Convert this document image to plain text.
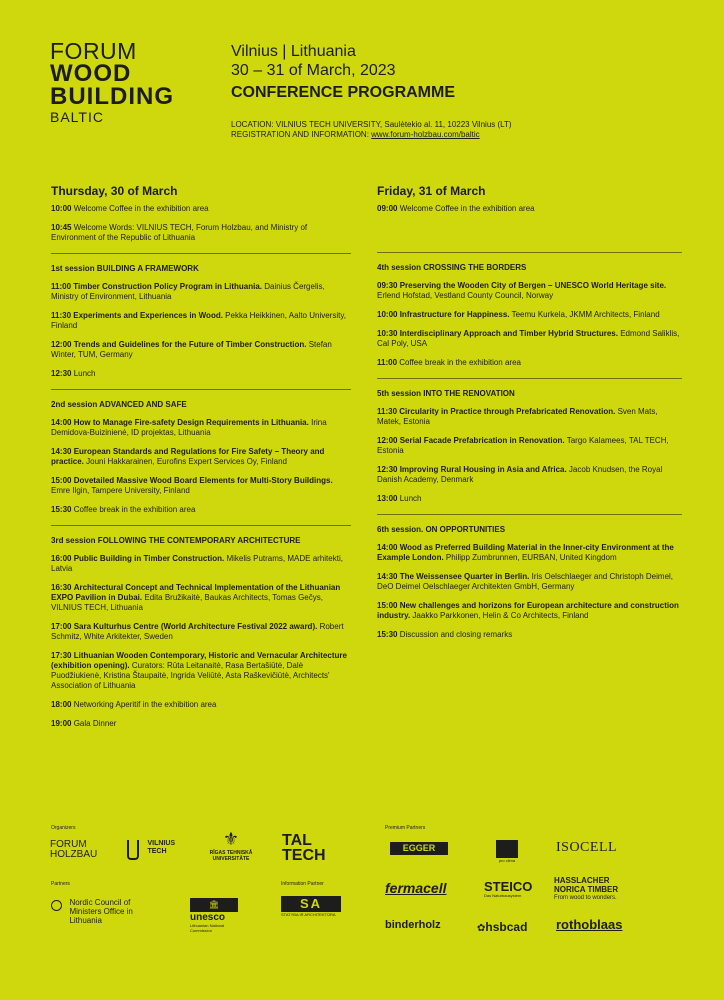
FORUM
WOOD
BUILDING
BALTIC
Vilnius | Lithuania
30 – 31 of March, 2023
CONFERENCE PROGRAMME
LOCATION: VILNIUS TECH UNIVERSITY, Saulėtekio al. 11, 10223 Vilnius (LT)
REGISTRATION AND INFORMATION: www.forum-holzbau.com/baltic
Thursday, 30 of March
10:00 Welcome Coffee in the exhibition area
10:45 Welcome Words: VILNIUS TECH, Forum Holzbau, and Ministry of Environment of the Republic of Lithuania
1st session BUILDING A FRAMEWORK
11:00 Timber Construction Policy Program in Lithuania. Dainius Čergelis, Ministry of Environment, Lithuania
11:30 Experiments and Experiences in Wood. Pekka Heikkinen, Aalto University, Finland
12:00 Trends and Guidelines for the Future of Timber Construction. Stefan Winter, TUM, Germany
12:30 Lunch
2nd session ADVANCED AND SAFE
14:00 How to Manage Fire-safety Design Requirements in Lithuania. Irina Demidova-Buizinienė, ID projektas, Lithuania
14:30 European Standards and Regulations for Fire Safety – Theory and practice. Jouni Hakkarainen, Eurofins Expert Services Oy, Finland
15:00 Dovetailed Massive Wood Board Elements for Multi-Story Buildings. Emre Ilgin, Tampere University, Finland
15:30 Coffee break in the exhibition area
3rd session FOLLOWING THE CONTEMPORARY ARCHITECTURE
16:00 Public Building in Timber Construction. Mikelis Putrams, MADE arhitekti, Latvia
16:30 Architectural Concept and Technical Implementation of the Lithuanian EXPO Pavilion in Dubai. Edita Bružikaitė, Baukas Architects, Tomas Gečys, VILNIUS TECH, Lithuania
17:00 Sara Kulturhus Centre (World Architecture Festival 2022 award). Robert Schmitz, White Arkitekter, Sweden
17:30 Lithuanian Wooden Contemporary, Historic and Vernacular Architecture (exhibition opening). Curators: Rūta Leitanaitė, Rasa Bertašiūtė, Dalė Puodžiukienė, Kristina Štaupaitė, Ingrida Veliūtė, Asta Raškevičiūtė, Architects' Association of Lithuania
18:00 Networking Aperitif in the exhibition area
19:00 Gala Dinner
Friday, 31 of March
09:00 Welcome Coffee in the exhibition area
4th session CROSSING THE BORDERS
09:30 Preserving the Wooden City of Bergen – UNESCO World Heritage site. Erlend Hofstad, Vestland County Council, Norway
10:00 Infrastructure for Happiness. Teemu Kurkela, JKMM Architects, Finland
10:30 Interdisciplinary Approach and Timber Hybrid Structures. Edmond Saliklis, Cal Poly, USA
11:00 Coffee break in the exhibition area
5th session INTO THE RENOVATION
11:30 Circularity in Practice through Prefabricated Renovation. Sven Mats, Matek, Estonia
12:00 Serial Facade Prefabrication in Renovation. Targo Kalamees, TAL TECH, Estonia
12:30 Improving Rural Housing in Asia and Africa. Jacob Knudsen, the Royal Danish Academy, Denmark
13:00 Lunch
6th session. ON OPPORTUNITIES
14:00 Wood as Preferred Building Material in the Inner-city Environment at the Example London. Philipp Zumbrunnen, EURBAN, United Kingdom
14:30 The Weissensee Quarter in Berlin. Iris Oelschlaeger and Christoph Deimel, DeO Deimel Oelschlaeger Architekten GmbH, Germany
15:00 New challenges and horizons for European architecture and construction industry. Jaakko Parkkonen, Helin & Co Architects, Finland
15:30 Discussion and closing remarks
Organizers	Premium Partners
Partners	Information Partner
FORUM HOLZBAU
VILNIUS TECH
⚜
RĪGAS TEHNISKĀ UNIVERSITĀTE
TAL TECH
Nordic Council of Ministers Office in Lithuania
🏛
unesco
Lithuanian National Commission
SA
STATYBA IR ARCHITEKTŪRA
EGGER
pro clima
ISOCELL
fermacell	STEICO
Das Naturbausystem
HASSLACHER NORICA TIMBER
From wood to wonders.
binderholz	✿hsbcad rothoblaas
